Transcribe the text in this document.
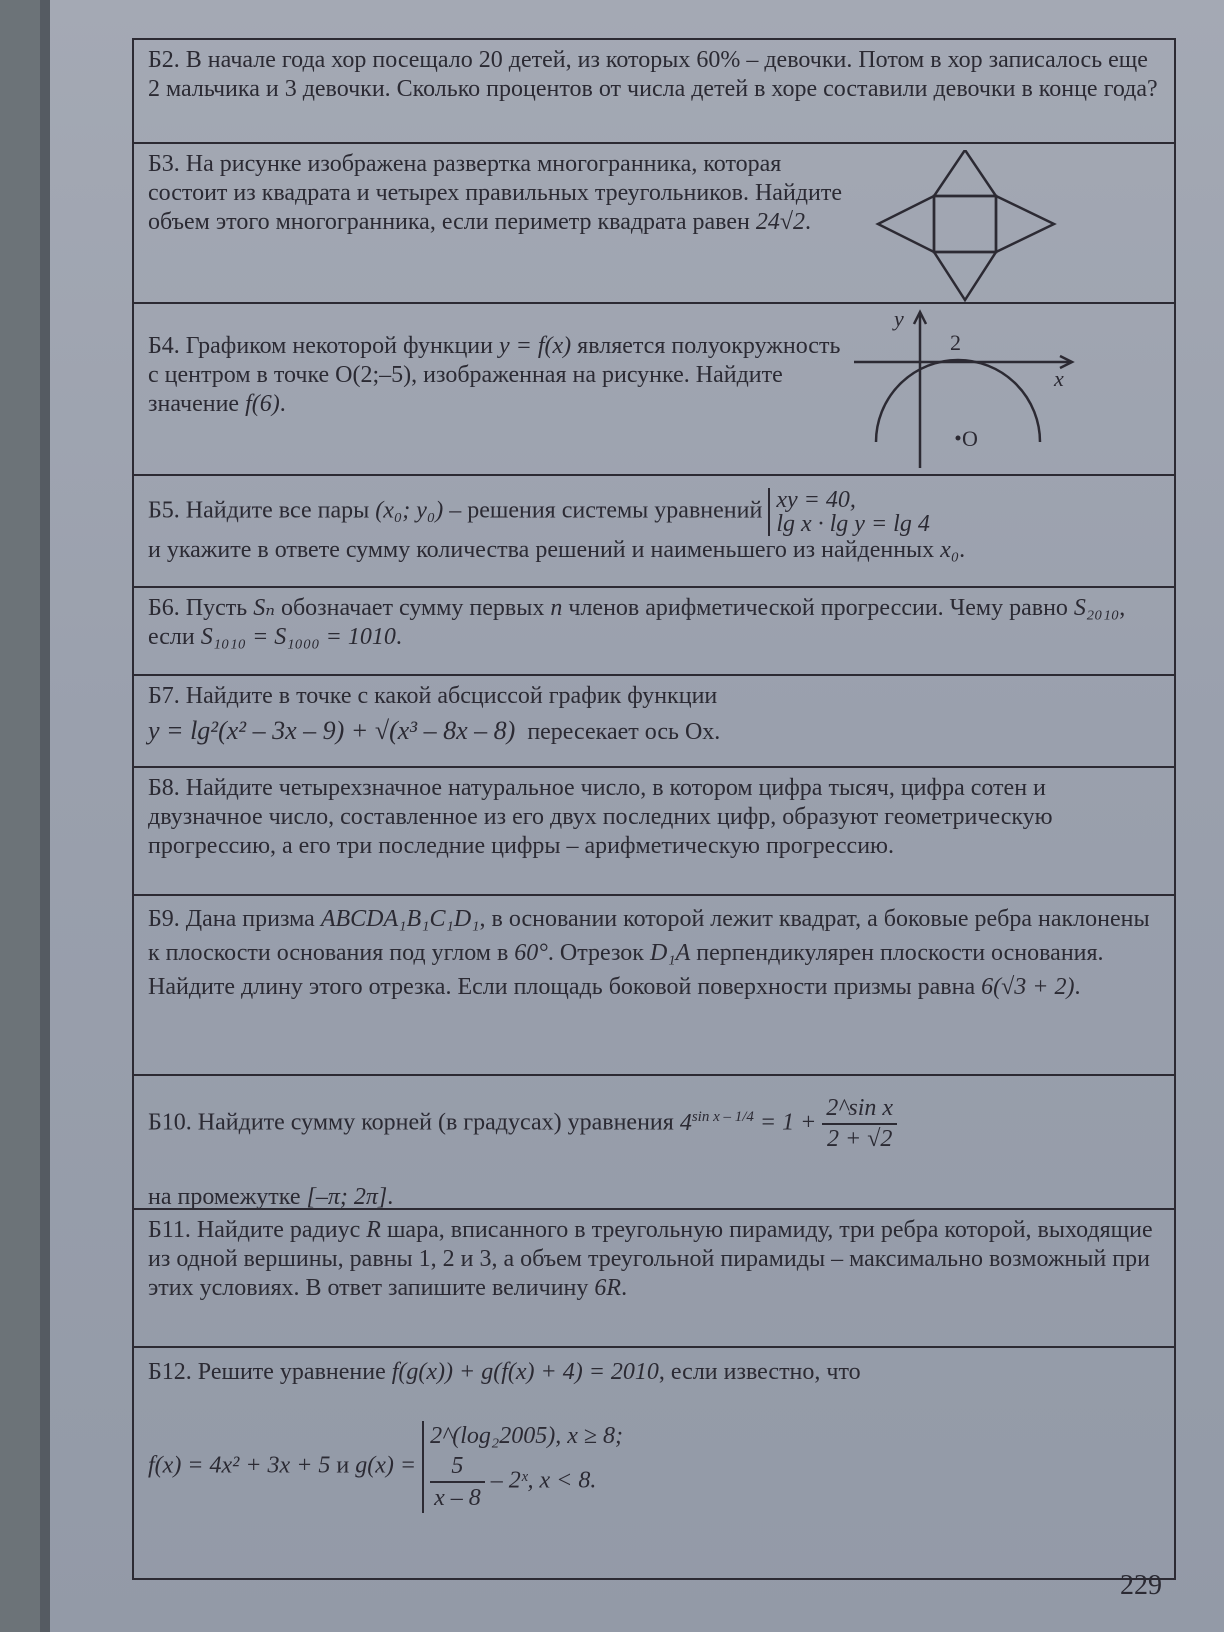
Б2. В начале года хор посещало 20 детей, из которых 60% – девочки. Потом в хор записалось еще 2 мальчика и 3 девочки. Сколько процентов от числа детей в хоре составили девочки в конце года?
Б3. На рисунке изображена развертка многогранника, которая состоит из квадрата и четырех правильных треугольников. Найдите объем этого многогранника, если периметр квадрата равен 24√2.
Б4. Графиком некоторой функции y = f(x) является полуокружность с центром в точке O(2;–5), изображенная на рисунке. Найдите значение f(6).
y
x
2
O
Б5. Найдите все пары (x₀; y₀) – решения системы уравнений xy = 40,
lg x · lg y = lg 4

и укажите в ответе сумму количества решений и наименьшего из найденных x₀.
Б6. Пусть Sₙ обозначает сумму первых n членов арифметической прогрессии. Чему равно S₂₀₁₀, если S₁₀₁₀ = S₁₀₀₀ = 1010.
Б7. Найдите в точке с какой абсциссой график функции
y = lg²(x² – 3x – 9) + √(x³ – 8x – 8) пересекает ось Ox.
Б8. Найдите четырехзначное натуральное число, в котором цифра тысяч, цифра сотен и двузначное число, составленное из его двух последних цифр, образуют геометрическую прогрессию, а его три последние цифры – арифметическую прогрессию.
Б9. Дана призма ABCDA₁B₁C₁D₁, в основании которой лежит квадрат, а боковые ребра наклонены к плоскости основания под углом в 60°. Отрезок D₁A перпендикулярен плоскости основания. Найдите длину этого отрезка. Если площадь боковой поверхности призмы равна 6(√3 + 2).
Б10. Найдите сумму корней (в градусах) уравнения $4^{sin x - 1/4} = 1 + \frac{\text{2\textasciicircum{}sin x}}{2 + √2}$

на промежутке [–π; 2π].
Б11. Найдите радиус R шара, вписанного в треугольную пирамиду, три ребра которой, выходящие из одной вершины, равны 1, 2 и 3, а объем треугольной пирамиды – максимально возможный при этих условиях. В ответ запишите величину 6R.
Б12. Решите уравнение f(g(x)) + g(f(x) + 4) = 2010, если известно, что
f(x) = 4x² + 3x + 5 и g(x) =
2^(log₂2005), x ≥ 8;
$\frac{5}{x - 8}$ – 2ˣ, x < 8.
229
